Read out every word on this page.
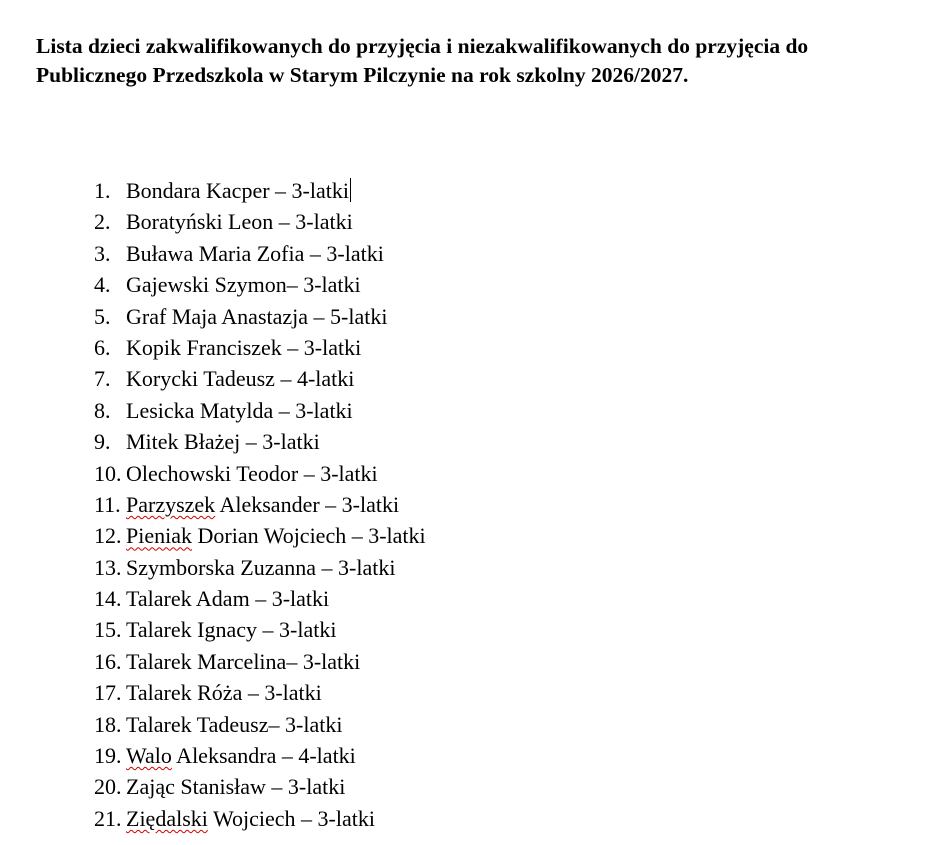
Lista dzieci zakwalifikowanych do przyjęcia i niezakwalifikowanych do przyjęcia do Publicznego Przedszkola w Starym Pilczynie na rok szkolny 2026/2027.

1. Bondara Kacper – 3-latki
2. Boratyński Leon – 3-latki
3. Buława Maria Zofia – 3-latki
4. Gajewski Szymon– 3-latki
5. Graf Maja Anastazja – 5-latki
6. Kopik Franciszek – 3-latki
7. Korycki Tadeusz – 4-latki
8. Lesicka Matylda – 3-latki
9. Mitek Błażej – 3-latki
10. Olechowski Teodor – 3-latki
11. Parzyszek Aleksander – 3-latki
12. Pieniak Dorian Wojciech – 3-latki
13. Szymborska Zuzanna – 3-latki
14. Talarek Adam – 3-latki
15. Talarek Ignacy – 3-latki
16. Talarek Marcelina– 3-latki
17. Talarek Róża – 3-latki
18. Talarek Tadeusz– 3-latki
19. Walo Aleksandra – 4-latki
20. Zając Stanisław – 3-latki
21. Ziędalski Wojciech – 3-latki
